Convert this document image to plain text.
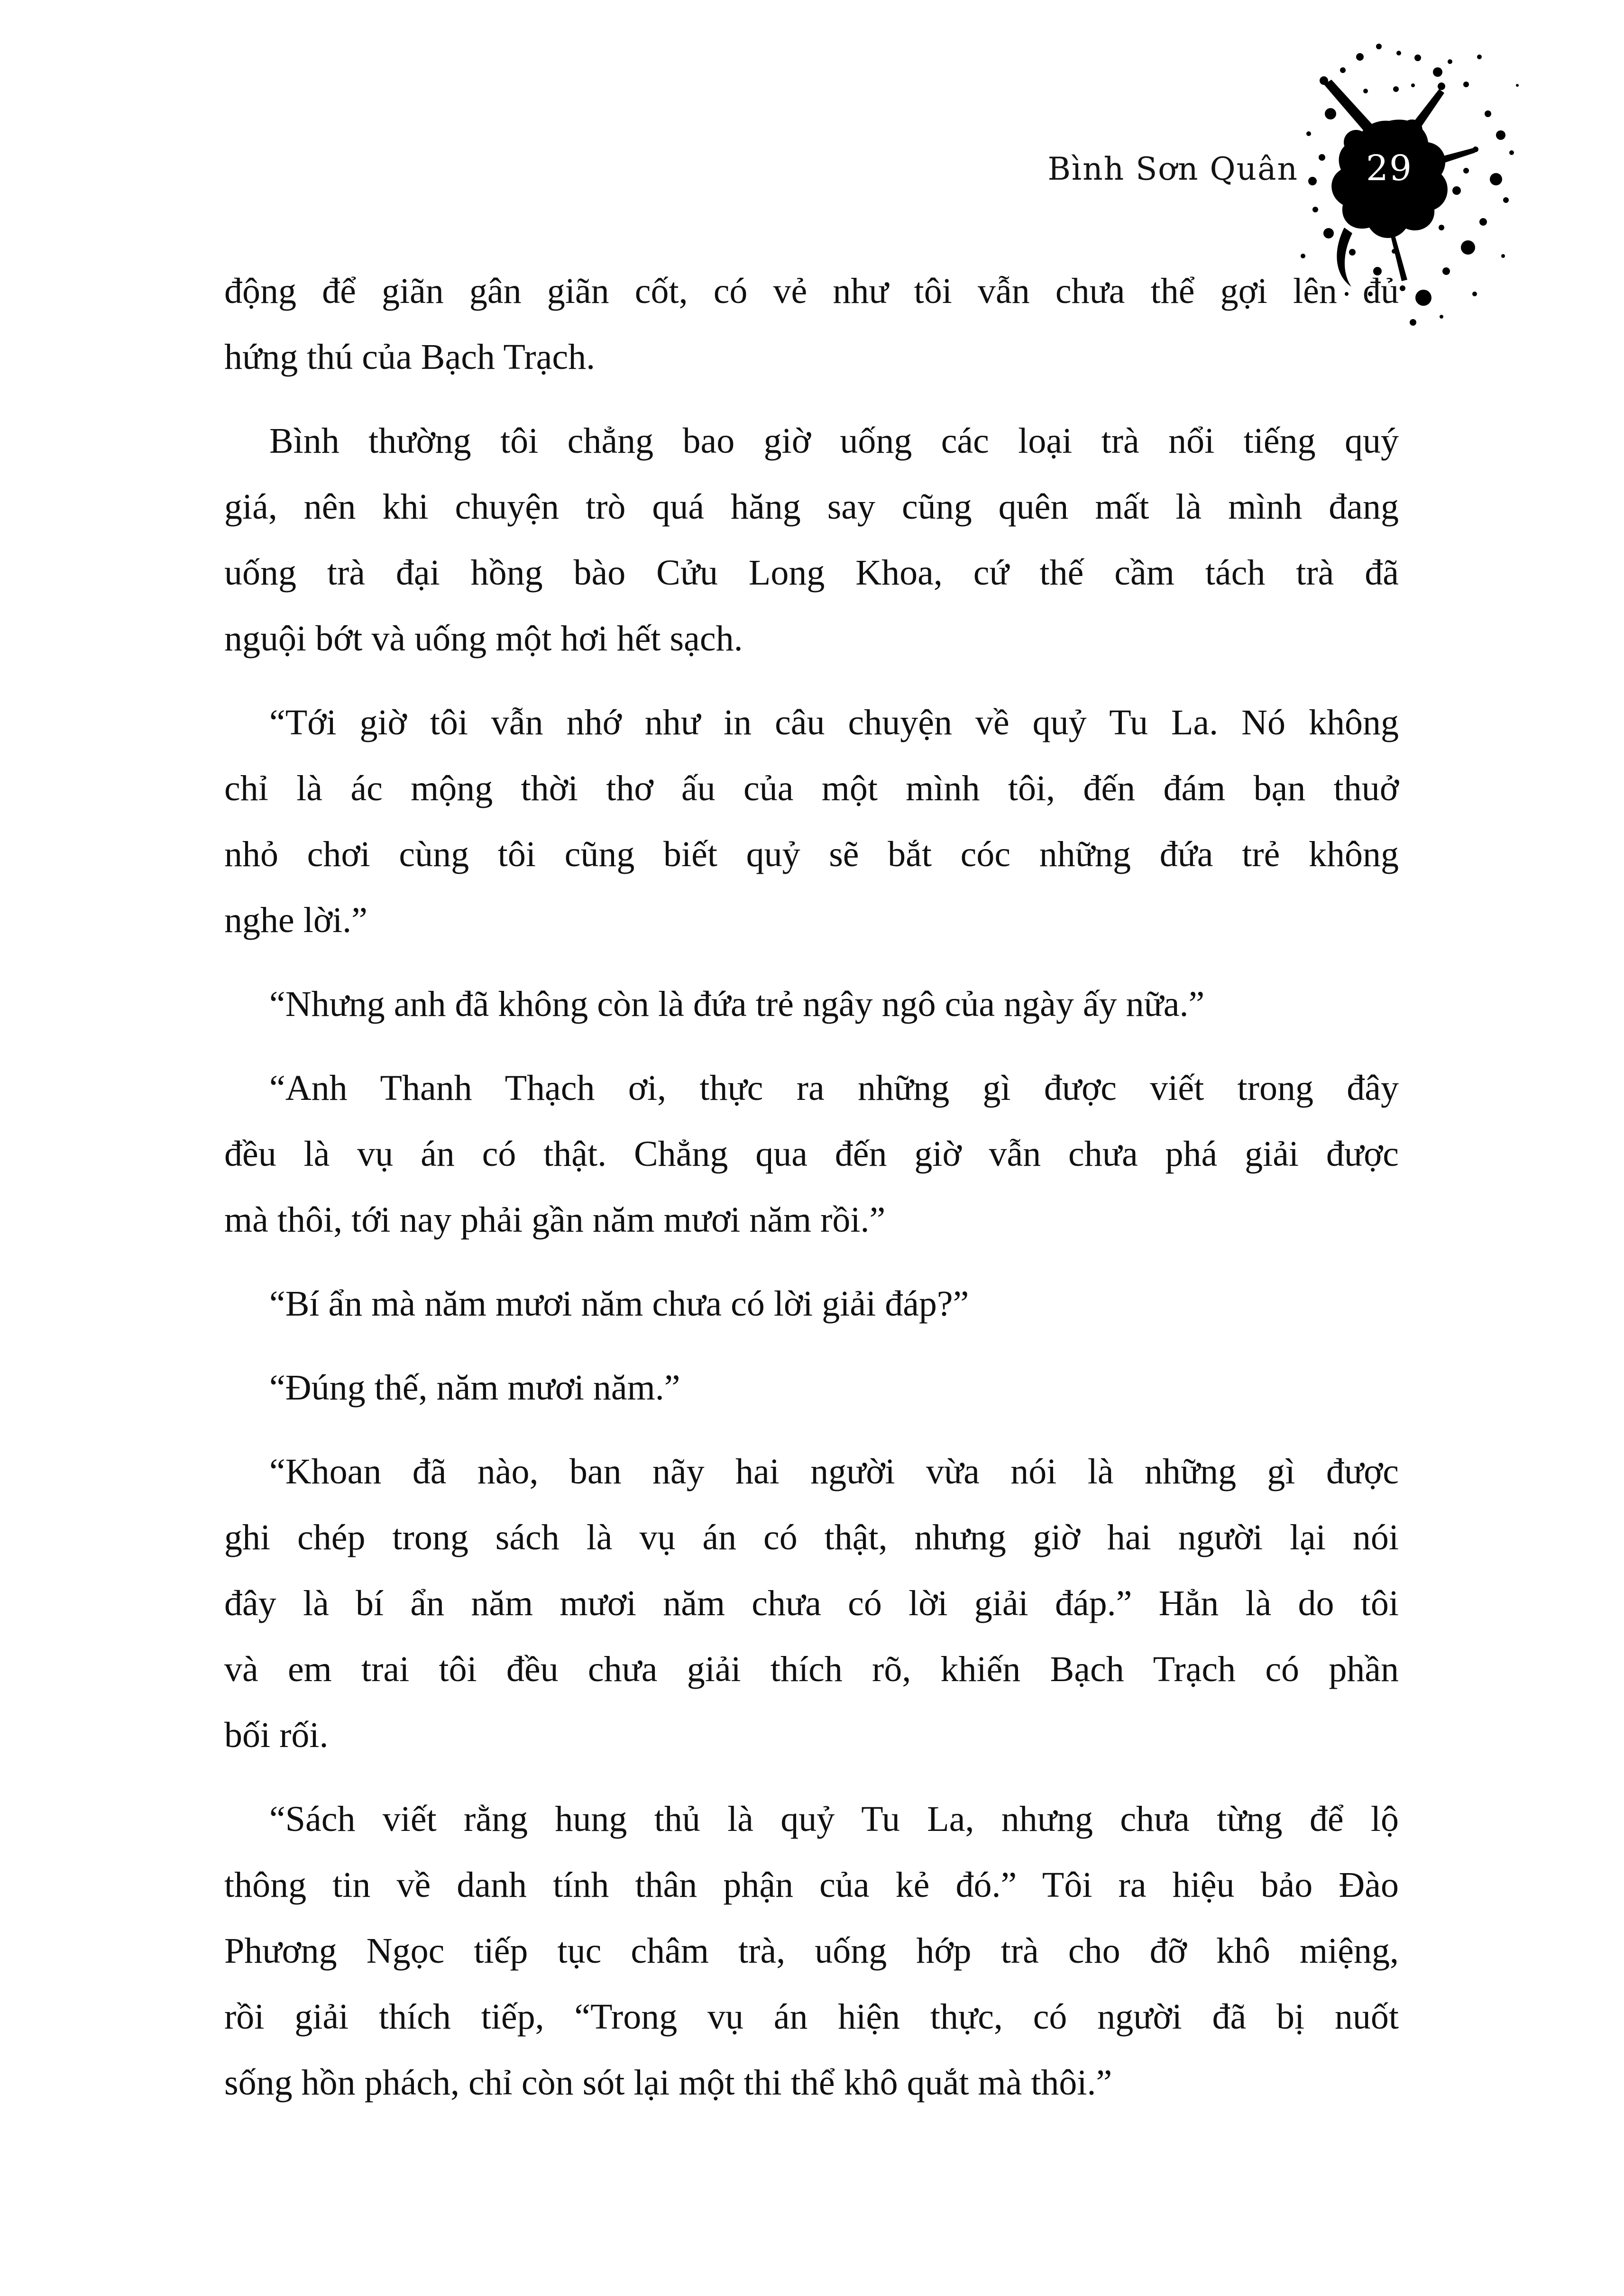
Bình Sơn Quân 29

động để giãn gân giãn cốt, có vẻ như tôi vẫn chưa thể gợi lên đủ
hứng thú của Bạch Trạch.

Bình thường tôi chẳng bao giờ uống các loại trà nổi tiếng quý
giá, nên khi chuyện trò quá hăng say cũng quên mất là mình đang
uống trà đại hồng bào Cửu Long Khoa, cứ thế cầm tách trà đã
nguội bớt và uống một hơi hết sạch.

“Tới giờ tôi vẫn nhớ như in câu chuyện về quỷ Tu La. Nó không
chỉ là ác mộng thời thơ ấu của một mình tôi, đến đám bạn thuở
nhỏ chơi cùng tôi cũng biết quỷ sẽ bắt cóc những đứa trẻ không
nghe lời.”

“Nhưng anh đã không còn là đứa trẻ ngây ngô của ngày ấy nữa.”

“Anh Thanh Thạch ơi, thực ra những gì được viết trong đây
đều là vụ án có thật. Chẳng qua đến giờ vẫn chưa phá giải được
mà thôi, tới nay phải gần năm mươi năm rồi.”

“Bí ẩn mà năm mươi năm chưa có lời giải đáp?”

“Đúng thế, năm mươi năm.”

“Khoan đã nào, ban nãy hai người vừa nói là những gì được
ghi chép trong sách là vụ án có thật, nhưng giờ hai người lại nói
đây là bí ẩn năm mươi năm chưa có lời giải đáp.” Hẳn là do tôi
và em trai tôi đều chưa giải thích rõ, khiến Bạch Trạch có phần
bối rối.

“Sách viết rằng hung thủ là quỷ Tu La, nhưng chưa từng để lộ
thông tin về danh tính thân phận của kẻ đó.” Tôi ra hiệu bảo Đào
Phương Ngọc tiếp tục châm trà, uống hớp trà cho đỡ khô miệng,
rồi giải thích tiếp, “Trong vụ án hiện thực, có người đã bị nuốt
sống hồn phách, chỉ còn sót lại một thi thể khô quắt mà thôi.”
